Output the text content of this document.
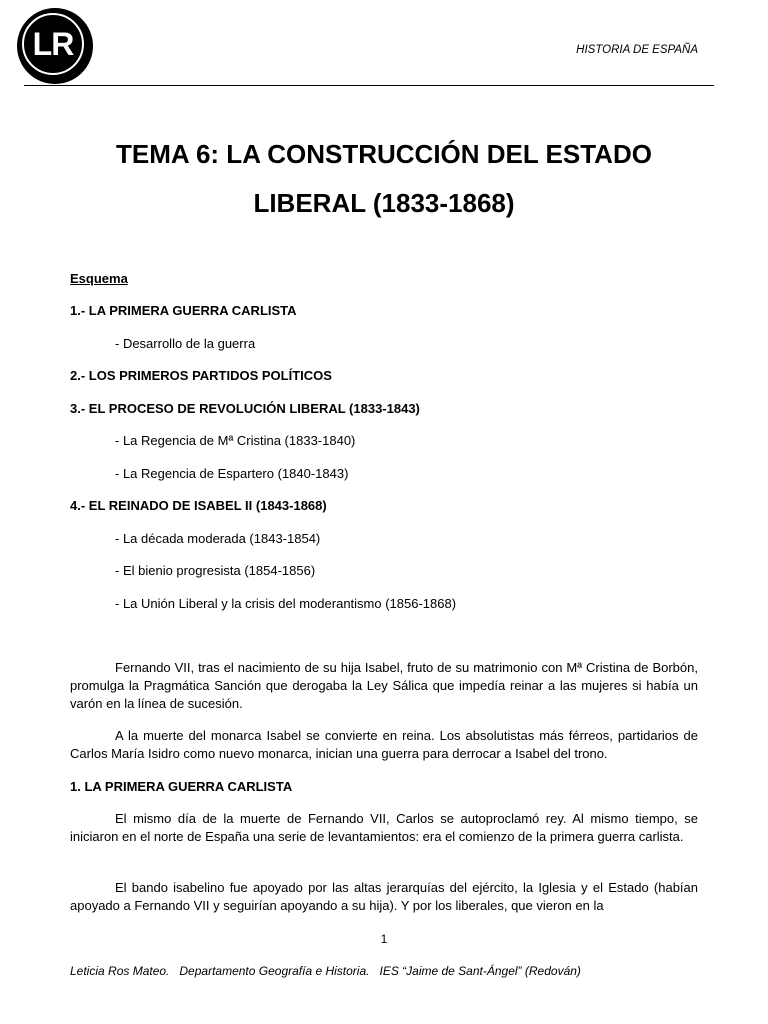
LR	HISTORIA DE ESPAÑA
TEMA 6: LA CONSTRUCCIÓN DEL ESTADO
LIBERAL (1833-1868)
Esquema
1.- LA PRIMERA GUERRA CARLISTA
- Desarrollo de la guerra
2.- LOS PRIMEROS PARTIDOS POLÍTICOS
3.- EL PROCESO DE REVOLUCIÓN LIBERAL (1833-1843)
- La Regencia de Mª Cristina (1833-1840)
- La Regencia de Espartero (1840-1843)
4.- EL REINADO DE ISABEL II (1843-1868)
- La década moderada (1843-1854)
- El bienio progresista (1854-1856)
- La Unión Liberal y la crisis del moderantismo (1856-1868)

Fernando VII, tras el nacimiento de su hija Isabel, fruto de su matrimonio con Mª Cristina de Borbón, promulga la Pragmática Sanción que derogaba la Ley Sálica que impedía reinar a las mujeres si había un varón en la línea de sucesión.

A la muerte del monarca Isabel se convierte en reina. Los absolutistas más férreos, partidarios de Carlos María Isidro como nuevo monarca, inician una guerra para derrocar a Isabel del trono.

1. LA PRIMERA GUERRA CARLISTA

El mismo día de la muerte de Fernando VII, Carlos se autoproclamó rey. Al mismo tiempo, se iniciaron en el norte de España una serie de levantamientos: era el comienzo de la primera guerra carlista.

El bando isabelino fue apoyado por las altas jerarquías del ejército, la Iglesia y el Estado (habían apoyado a Fernando VII y seguirían apoyando a su hija). Y por los liberales, que vieron en la

1
Leticia Ros Mateo.   Departamento Geografía e Historia.   IES “Jaime de Sant-Ángel” (Redován)
